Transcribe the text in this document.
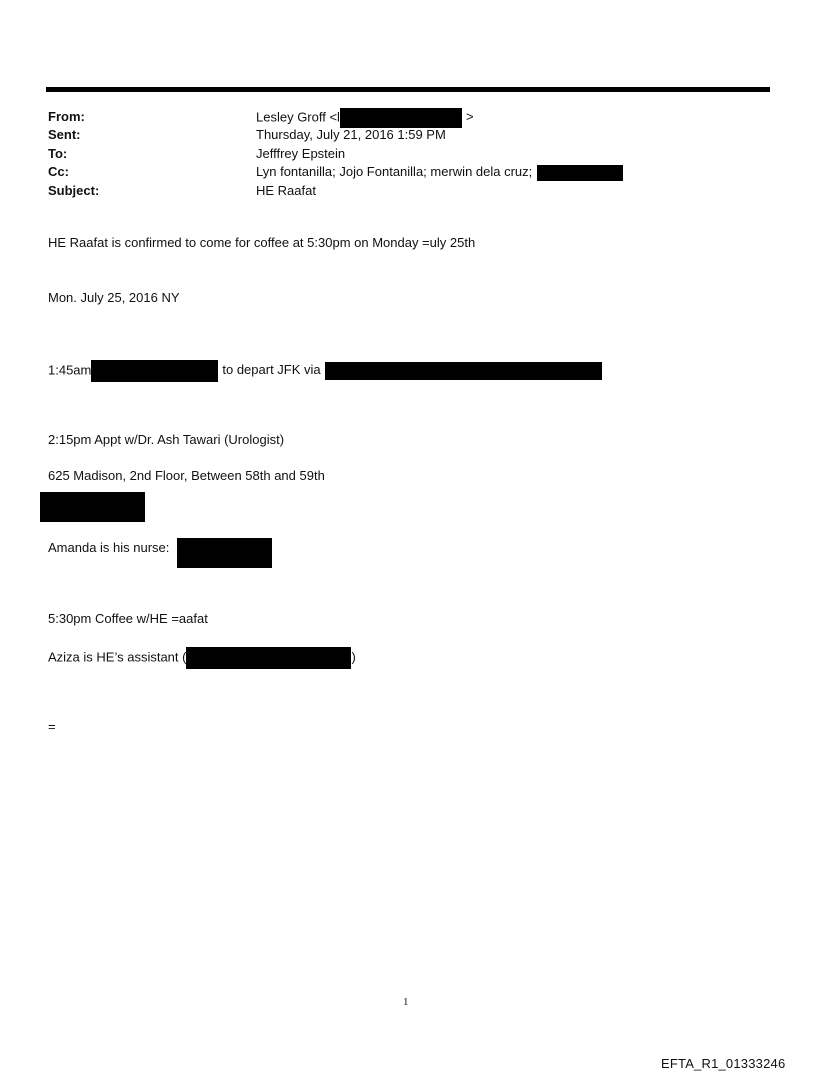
From:	Lesley Groff <l	>
Sent:	Thursday, July 21, 2016 1:59 PM
To:	Jefffrey Epstein
Cc:	Lyn fontanilla; Jojo Fontanilla; merwin dela cruz;
Subject:	HE Raafat
HE Raafat is confirmed to come for coffee at 5:30pm on Monday =uly 25th
Mon. July 25, 2016 NY
1:45am	to depart JFK via
2:15pm Appt w/Dr. Ash Tawari (Urologist)
625 Madison, 2nd Floor, Between 58th and 59th
Amanda is his nurse:
5:30pm Coffee w/HE =aafat
Aziza is HE’s assistant (	)
=
1
EFTA_R1_01333246
